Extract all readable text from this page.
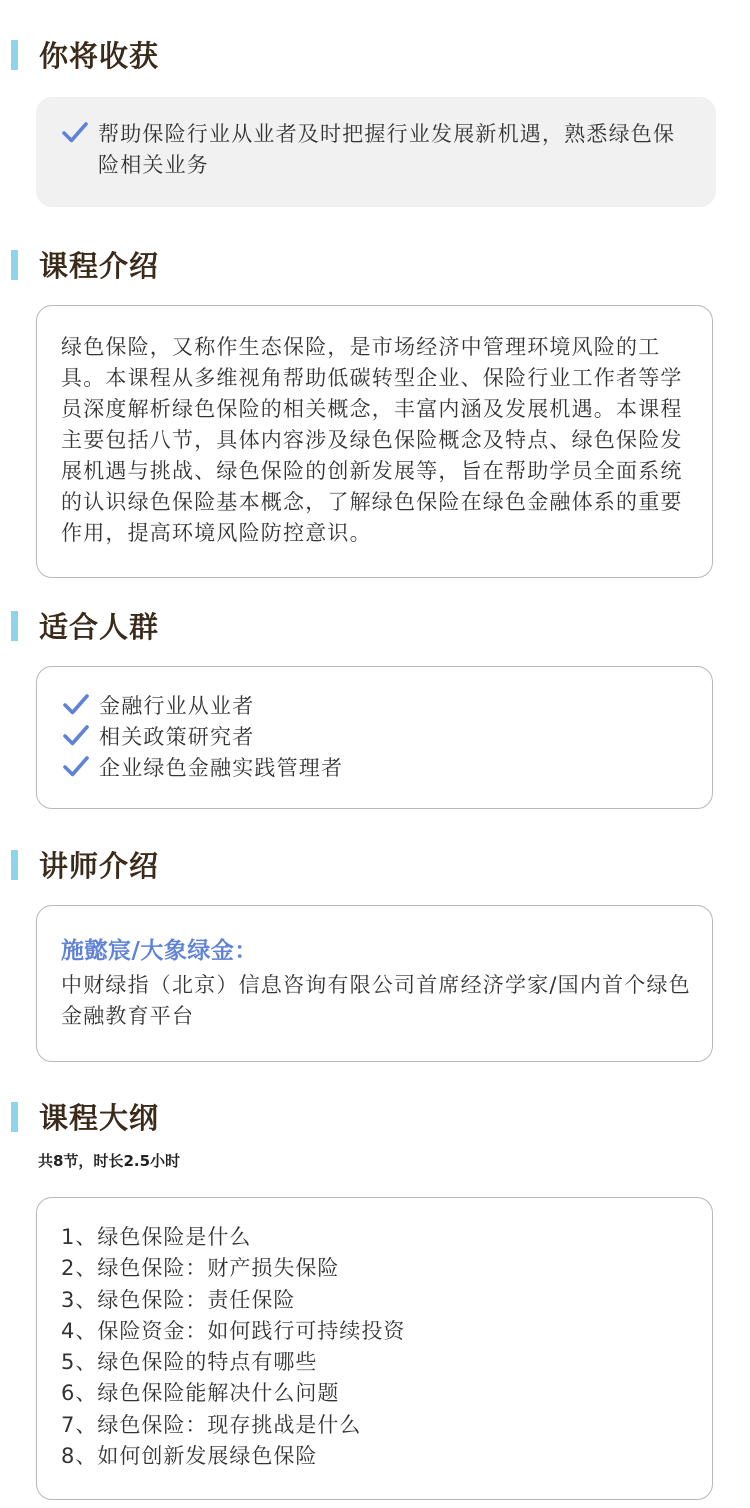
你将收获
帮助保险行业从业者及时把握行业发展新机遇，熟悉绿色保险相关业务
课程介绍

绿色保险，又称作生态保险，是市场经济中管理环境风险的工具。本课程从多维视角帮助低碳转型企业、保险行业工作者等学员深度解析绿色保险的相关概念，丰富内涵及发展机遇。本课程主要包括八节，具体内容涉及绿色保险概念及特点、绿色保险发展机遇与挑战、绿色保险的创新发展等，旨在帮助学员全面系统的认识绿色保险基本概念，了解绿色保险在绿色金融体系的重要作用，提高环境风险防控意识。

适合人群
金融行业从业者
相关政策研究者
企业绿色金融实践管理者
讲师介绍
施懿宸/大象绿金：

中财绿指（北京）信息咨询有限公司首席经济学家/国内首个绿色金融教育平台

课程大纲
共8节，时长2.5小时
1、绿色保险是什么
2、绿色保险：财产损失保险
3、绿色保险：责任保险
4、保险资金：如何践行可持续投资
5、绿色保险的特点有哪些
6、绿色保险能解决什么问题
7、绿色保险：现存挑战是什么
8、如何创新发展绿色保险
